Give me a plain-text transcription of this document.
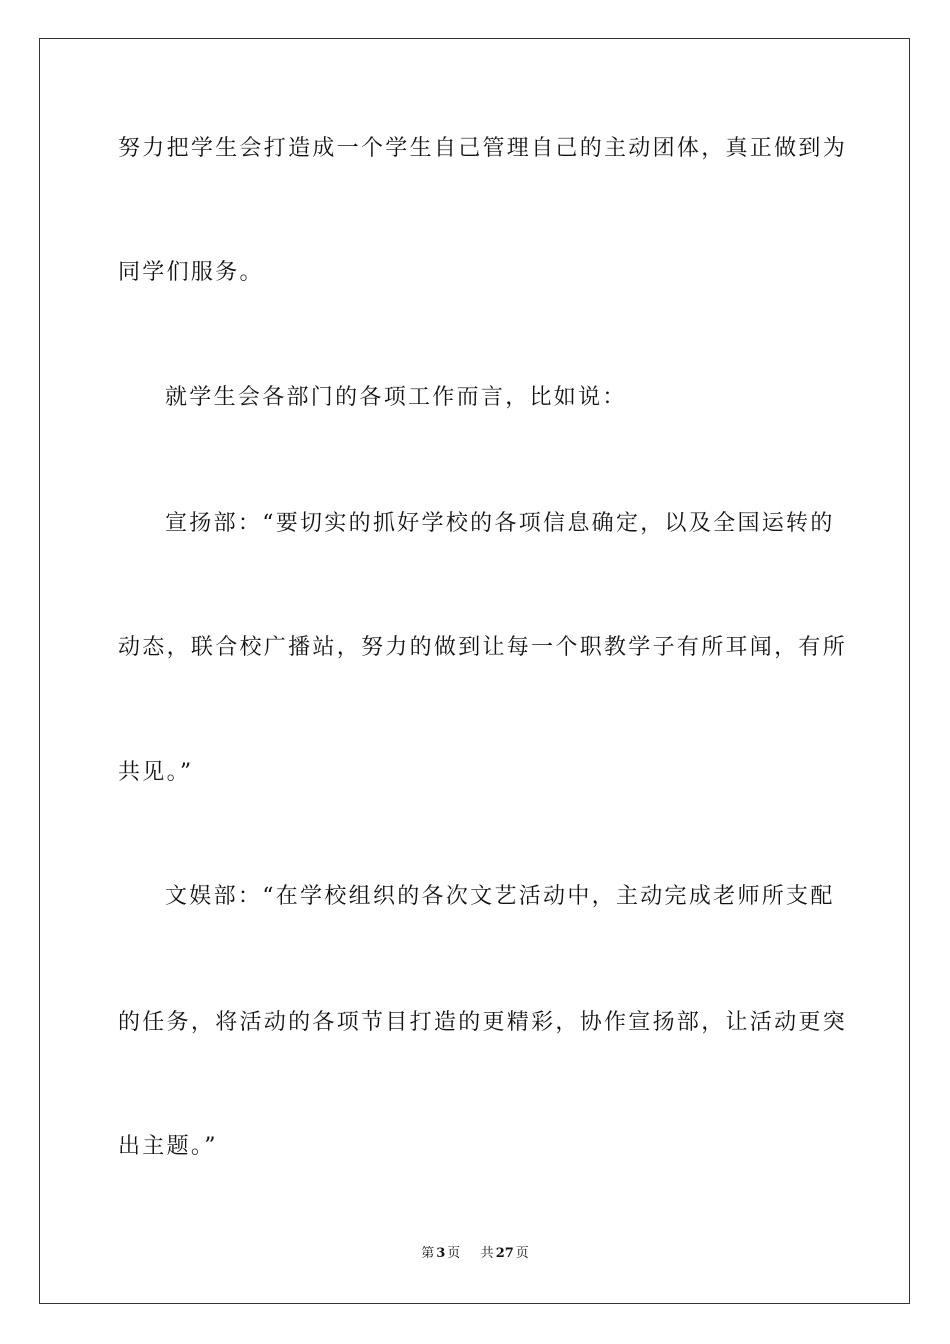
努力把学生会打造成一个学生自己管理自己的主动团体，真正做到为
同学们服务。
就学生会各部门的各项工作而言，比如说：
宣扬部：“要切实的抓好学校的各项信息确定，以及全国运转的
动态，联合校广播站，努力的做到让每一个职教学子有所耳闻，有所
共见。”
文娱部：“在学校组织的各次文艺活动中，主动完成老师所支配
的任务，将活动的各项节目打造的更精彩，协作宣扬部，让活动更突
出主题。”
第 3 页 共 27 页
